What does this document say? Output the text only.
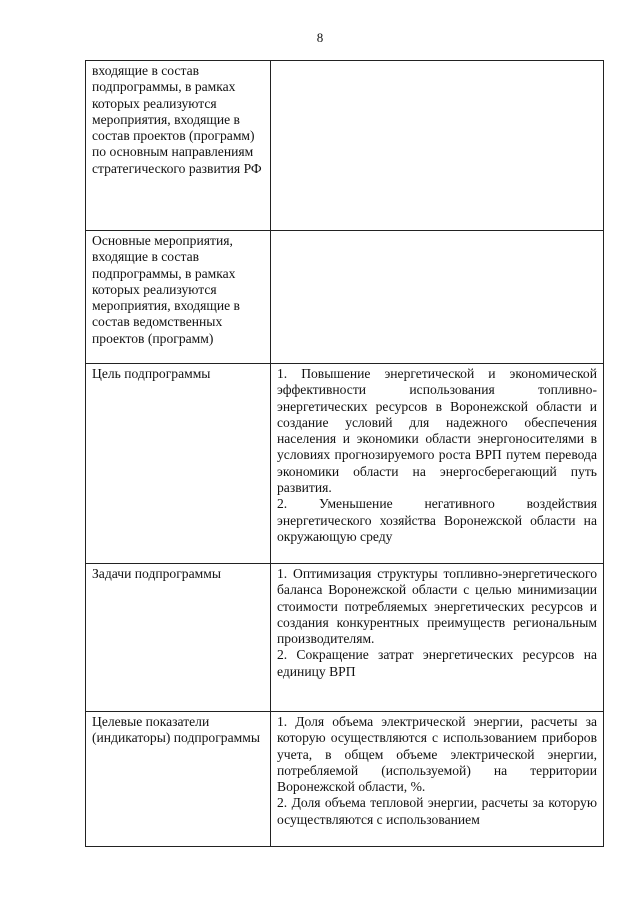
8
входящие в состав подпрограммы, в рамках которых реализуются мероприятия, входящие в состав проектов (программ) по основным направлениям стратегического развития РФ	
Основные мероприятия, входящие в состав подпрограммы, в рамках которых реализуются мероприятия, входящие в состав ведомственных проектов (программ)	
Цель подпрограммы	1. Повышение энергетической и экономической эффективности использования топливно-энергетических ресурсов в Воронежской области и создание условий для надежного обеспечения населения и экономики области энергоносителями в условиях прогнозируемого роста ВРП путем перевода экономики области на энергосберегающий путь развития.
2. Уменьшение негативного воздействия энергетического хозяйства Воронежской области на окружающую среду

Задачи подпрограммы	1. Оптимизация структуры топливно-энергетического баланса Воронежской области с целью минимизации стоимости потребляемых энергетических ресурсов и создания конкурентных преимуществ региональным производителям.
2. Сокращение затрат энергетических ресурсов на единицу ВРП

Целевые показатели (индикаторы) подпрограммы	1. Доля объема электрической энергии, расчеты за которую осуществляются с использованием приборов учета, в общем объеме электрической энергии, потребляемой (используемой) на территории Воронежской области, %.
2. Доля объема тепловой энергии, расчеты за которую осуществляются с использованием
